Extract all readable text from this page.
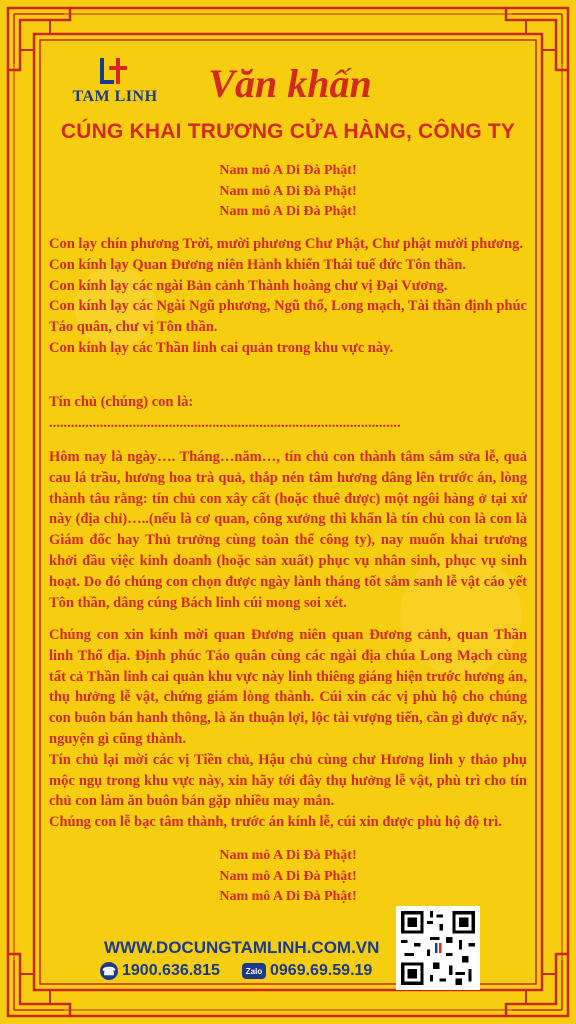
TAM LINH	Văn khấn
CÚNG KHAI TRƯƠNG CỬA HÀNG, CÔNG TY
Nam mô A Di Đà Phật!
Nam mô A Di Đà Phật!
Nam mô A Di Đà Phật!

Con lạy chín phương Trời, mười phương Chư Phật, Chư phật mười phương.

Con kính lạy Quan Đương niên Hành khiển Thái tuế đức Tôn thần.

Con kính lạy các ngài Bản cảnh Thành hoàng chư vị Đại Vương.

Con kính lạy các Ngài Ngũ phương, Ngũ thổ, Long mạch, Tài thần định phúc Táo quân, chư vị Tôn thần.

Con kính lạy các Thần linh cai quản trong khu vực này.

Tín chủ (chúng) con là:

.................................................................................................

Hôm nay là ngày…. Tháng…năm…, tín chủ con thành tâm sắm sửa lễ, quả cau lá trầu, hương hoa trà quả, thắp nén tâm hương dâng lên trước án, lòng thành tâu rằng: tín chủ con xây cất (hoặc thuê được) một ngôi hàng ở tại xứ này (địa chỉ)…..(nếu là cơ quan, công xưởng thì khấn là tín chủ con là con là Giám đốc hay Thủ trưởng cùng toàn thể công ty), nay muốn khai trương khởi đầu việc kinh doanh (hoặc sản xuất) phục vụ nhân sinh, phục vụ sinh hoạt. Do đó chúng con chọn được ngày lành tháng tốt sắm sanh lễ vật cáo yết Tôn thần, dâng cúng Bách linh cúi mong soi xét.

Chúng con xin kính mời quan Đương niên quan Đương cảnh, quan Thần linh Thổ địa. Định phúc Táo quân cùng các ngài địa chúa Long Mạch cùng tất cả Thần linh cai quản khu vực này linh thiêng giáng hiện trước hương án, thụ hưởng lễ vật, chứng giám lòng thành. Cúi xin các vị phù hộ cho chúng con buôn bán hanh thông, là ăn thuận lợi, lộc tài vượng tiến, cần gì được nấy, nguyện gì cũng thành.

Tín chủ lại mời các vị Tiền chủ, Hậu chủ cùng chư Hương linh y thảo phụ mộc ngụ trong khu vực này, xin hãy tới đây thụ hưởng lễ vật, phù trì cho tín chủ con làm ăn buôn bán gặp nhiều may mắn.

Chúng con lễ bạc tâm thành, trước án kính lễ, cúi xin được phù hộ độ trì.

Nam mô A Di Đà Phật!
Nam mô A Di Đà Phật!
Nam mô A Di Đà Phật!
WWW.DOCUNGTAMLINH.COM.VN
☎ 1900.636.815	Zalo 0969.69.59.19
